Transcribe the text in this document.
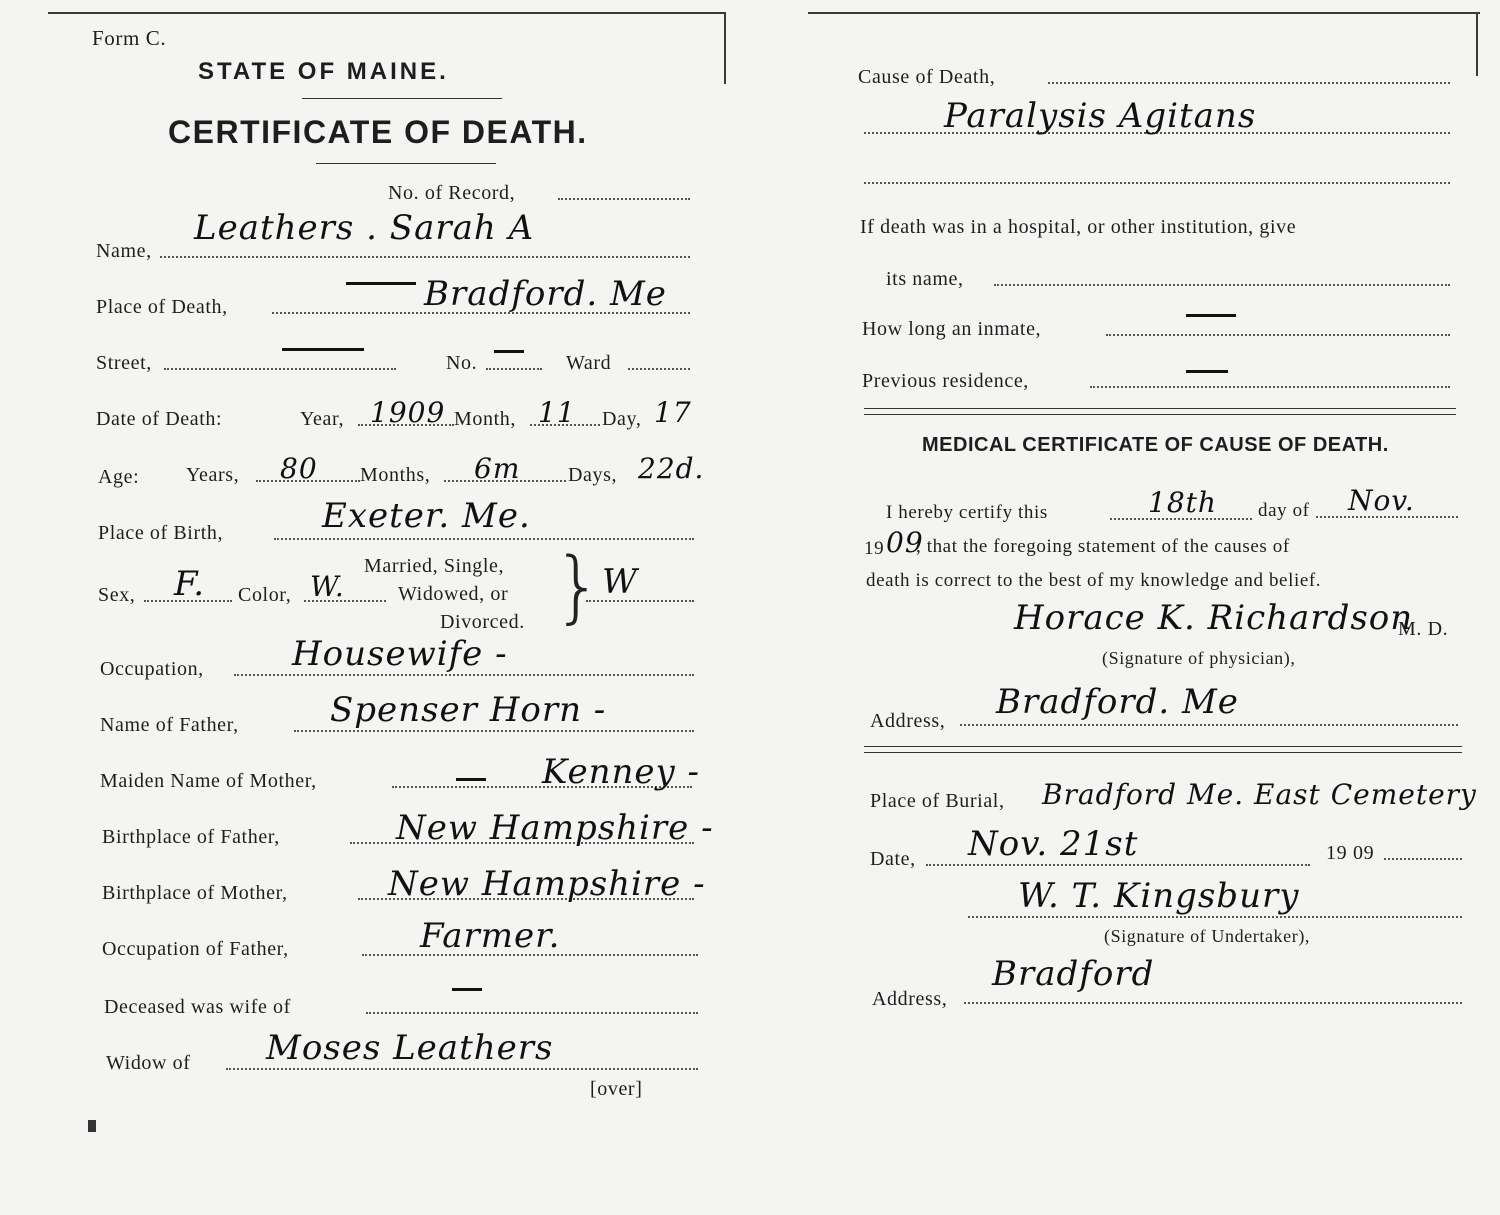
Form C.
STATE OF MAINE.
CERTIFICATE OF DEATH.
No. of Record,
Name,
Leathers . Sarah A
Place of Death,	Bradford. Me
Street,	No.	Ward
Date of Death:	Year, 1909 Month, 11 Day, 17
Age: Years, 80 Months, 6m Days, 22d.
Place of Birth,	Exeter. Me.
Sex, F. Color, W.
Married, Single,
Widowed, or
Divorced. } W
Occupation,	Housewife -
Name of Father,	Spenser Horn -
Maiden Name of Mother,	Kenney -
Birthplace of Father,	New Hampshire -
Birthplace of Mother,	New Hampshire -
Occupation of Father,	Farmer.
Deceased was wife of
Widow of Moses Leathers
[over]
Cause of Death,
Paralysis Agitans
If death was in a hospital, or other institution, give
its name,
How long an inmate,
Previous residence,
MEDICAL CERTIFICATE OF CAUSE OF DEATH.
I hereby certify this	18th day of Nov.
19 09
, that the foregoing statement of the causes of
death is correct to the best of my knowledge and belief.
Horace K. Richardson
M. D.
(Signature of physician),
Address, Bradford. Me
Place of Burial, Bradford Me. East Cemetery
Date, Nov. 21st	19 09
W. T. Kingsbury
(Signature of Undertaker),
Address,
Bradford
